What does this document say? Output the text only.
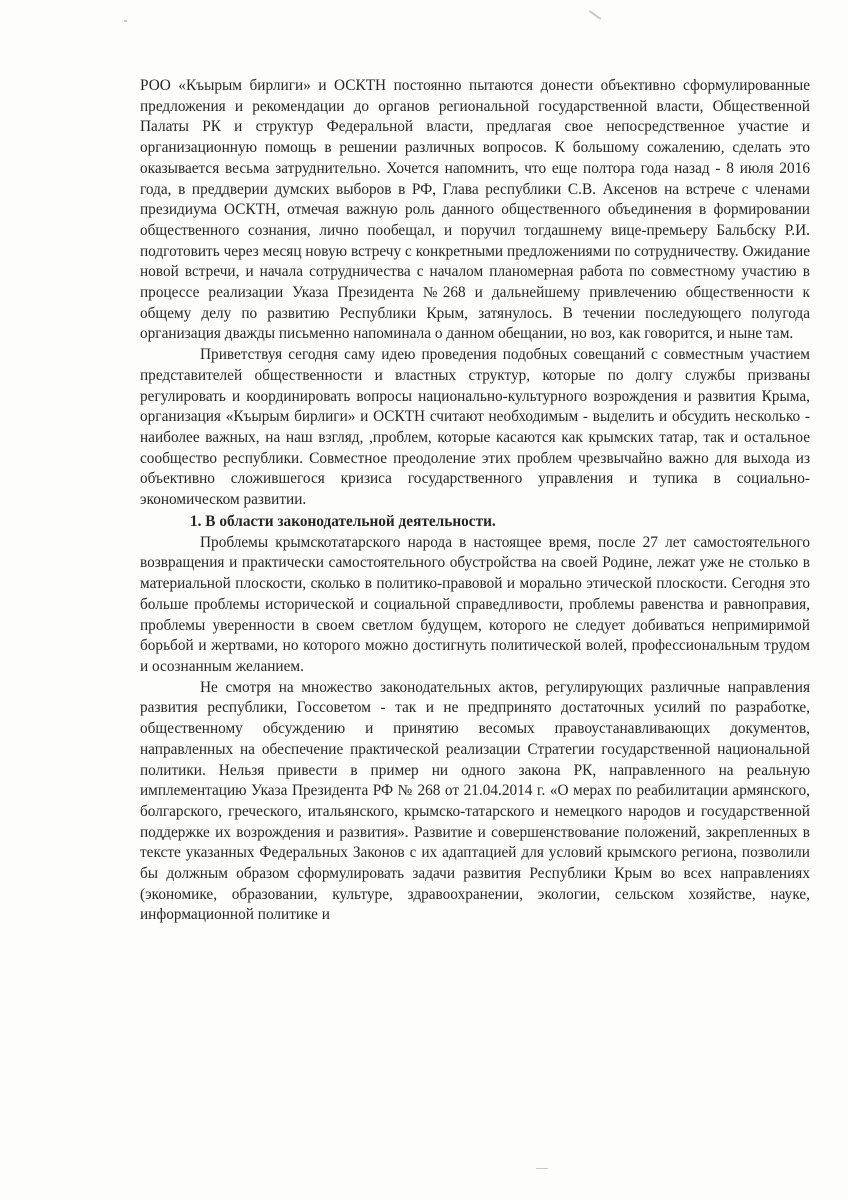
РОО «Къырым бирлиги» и ОСКТН постоянно пытаются донести объективно сформулированные предложения и рекомендации до органов региональной государственной власти, Общественной Палаты РК и структур Федеральной власти, предлагая свое непосредственное участие и организационную помощь в решении различных вопросов. К большому сожалению, сделать это оказывается весьма затруднительно. Хочется напомнить, что еще полтора года назад - 8 июля 2016 года, в преддверии думских выборов в РФ, Глава республики С.В. Аксенов на встрече с членами президиума ОСКТН, отмечая важную роль данного общественного объединения в формировании общественного сознания, лично пообещал, и поручил тогдашнему вице-премьеру Бальбску Р.И. подготовить через месяц новую встречу с конкретными предложениями по сотрудничеству. Ожидание новой встречи, и начала сотрудничества с началом планомерная работа по совместному участию в процессе реализации Указа Президента №268 и дальнейшему привлечению общественности к общему делу по развитию Республики Крым, затянулось. В течении последующего полугода организация дважды письменно напоминала о данном обещании, но воз, как говорится, и ныне там.

Приветствуя сегодня саму идею проведения подобных совещаний с совместным участием представителей общественности и властных структур, которые по долгу службы призваны регулировать и координировать вопросы национально-культурного возрождения и развития Крыма, организация «Къырым бирлиги» и ОСКТН считают необходимым - выделить и обсудить несколько - наиболее важных, на наш взгляд, ,проблем, которые касаются как крымских татар, так и остальное сообщество республики. Совместное преодоление этих проблем чрезвычайно важно для выхода из объективно сложившегося кризиса государственного управления и тупика в социально-экономическом развитии.

1. В области законодательной деятельности.

Проблемы крымскотатарского народа в настоящее время, после 27 лет самостоятельного возвращения и практически самостоятельного обустройства на своей Родине, лежат уже не столько в материальной плоскости, сколько в политико-правовой и морально этической плоскости. Сегодня это больше проблемы исторической и социальной справедливости, проблемы равенства и равноправия, проблемы уверенности в своем светлом будущем, которого не следует добиваться непримиримой борьбой и жертвами, но которого можно достигнуть политической волей, профессиональным трудом и осознанным желанием.

Не смотря на множество законодательных актов, регулирующих различные направления развития республики, Госсоветом - так и не предпринято достаточных усилий по разработке, общественному обсуждению и принятию весомых правоустанавливающих документов, направленных на обеспечение практической реализации Стратегии государственной национальной политики. Нельзя привести в пример ни одного закона РК, направленного на реальную имплементацию Указа Президента РФ № 268 от 21.04.2014 г. «О мерах по реабилитации армянского, болгарского, греческого, итальянского, крымско-татарского и немецкого народов и государственной поддержке их возрождения и развития». Развитие и совершенствование положений, закрепленных в тексте указанных Федеральных Законов с их адаптацией для условий крымского региона, позволили бы должным образом сформулировать задачи развития Республики Крым во всех направлениях (экономике, образовании, культуре, здравоохранении, экологии, сельском хозяйстве, науке, информационной политике и
